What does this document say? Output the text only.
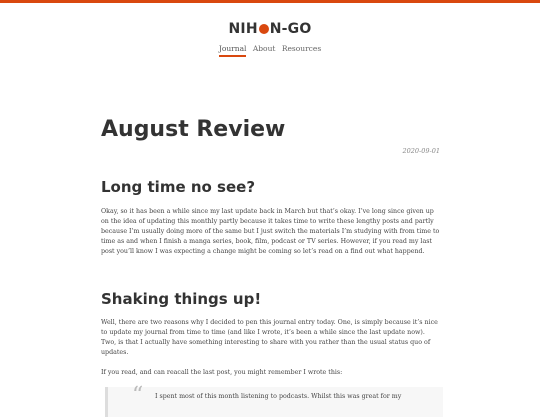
NIH N-GO
Journal About Resources
August Review
2020-09-01
Long time no see?

Okay, so it has been a while since my last update back in March but that’s okay. I’ve long since given up on the idea of updating this monthly partly because it takes time to write these lengthy posts and partly because I’m usually doing more of the same but I just switch the materials I’m studying with from time to time as and when I finish a manga series, book, film, podcast or TV series. However, if you read my last post you’ll know I was expecting a change might be coming so let’s read on a find out what happend.

Shaking things up!

Well, there are two reasons why I decided to pen this journal entry today. One, is simply because it’s nice to update my journal from time to time (and like I wrote, it’s been a while since the last update now). Two, is that I actually have something interesting to share with you rather than the usual status quo of updates.

If you read, and can reacall the last post, you might remember I wrote this:

“ I spent most of this month listening to podcasts. Whilst this was great for my
